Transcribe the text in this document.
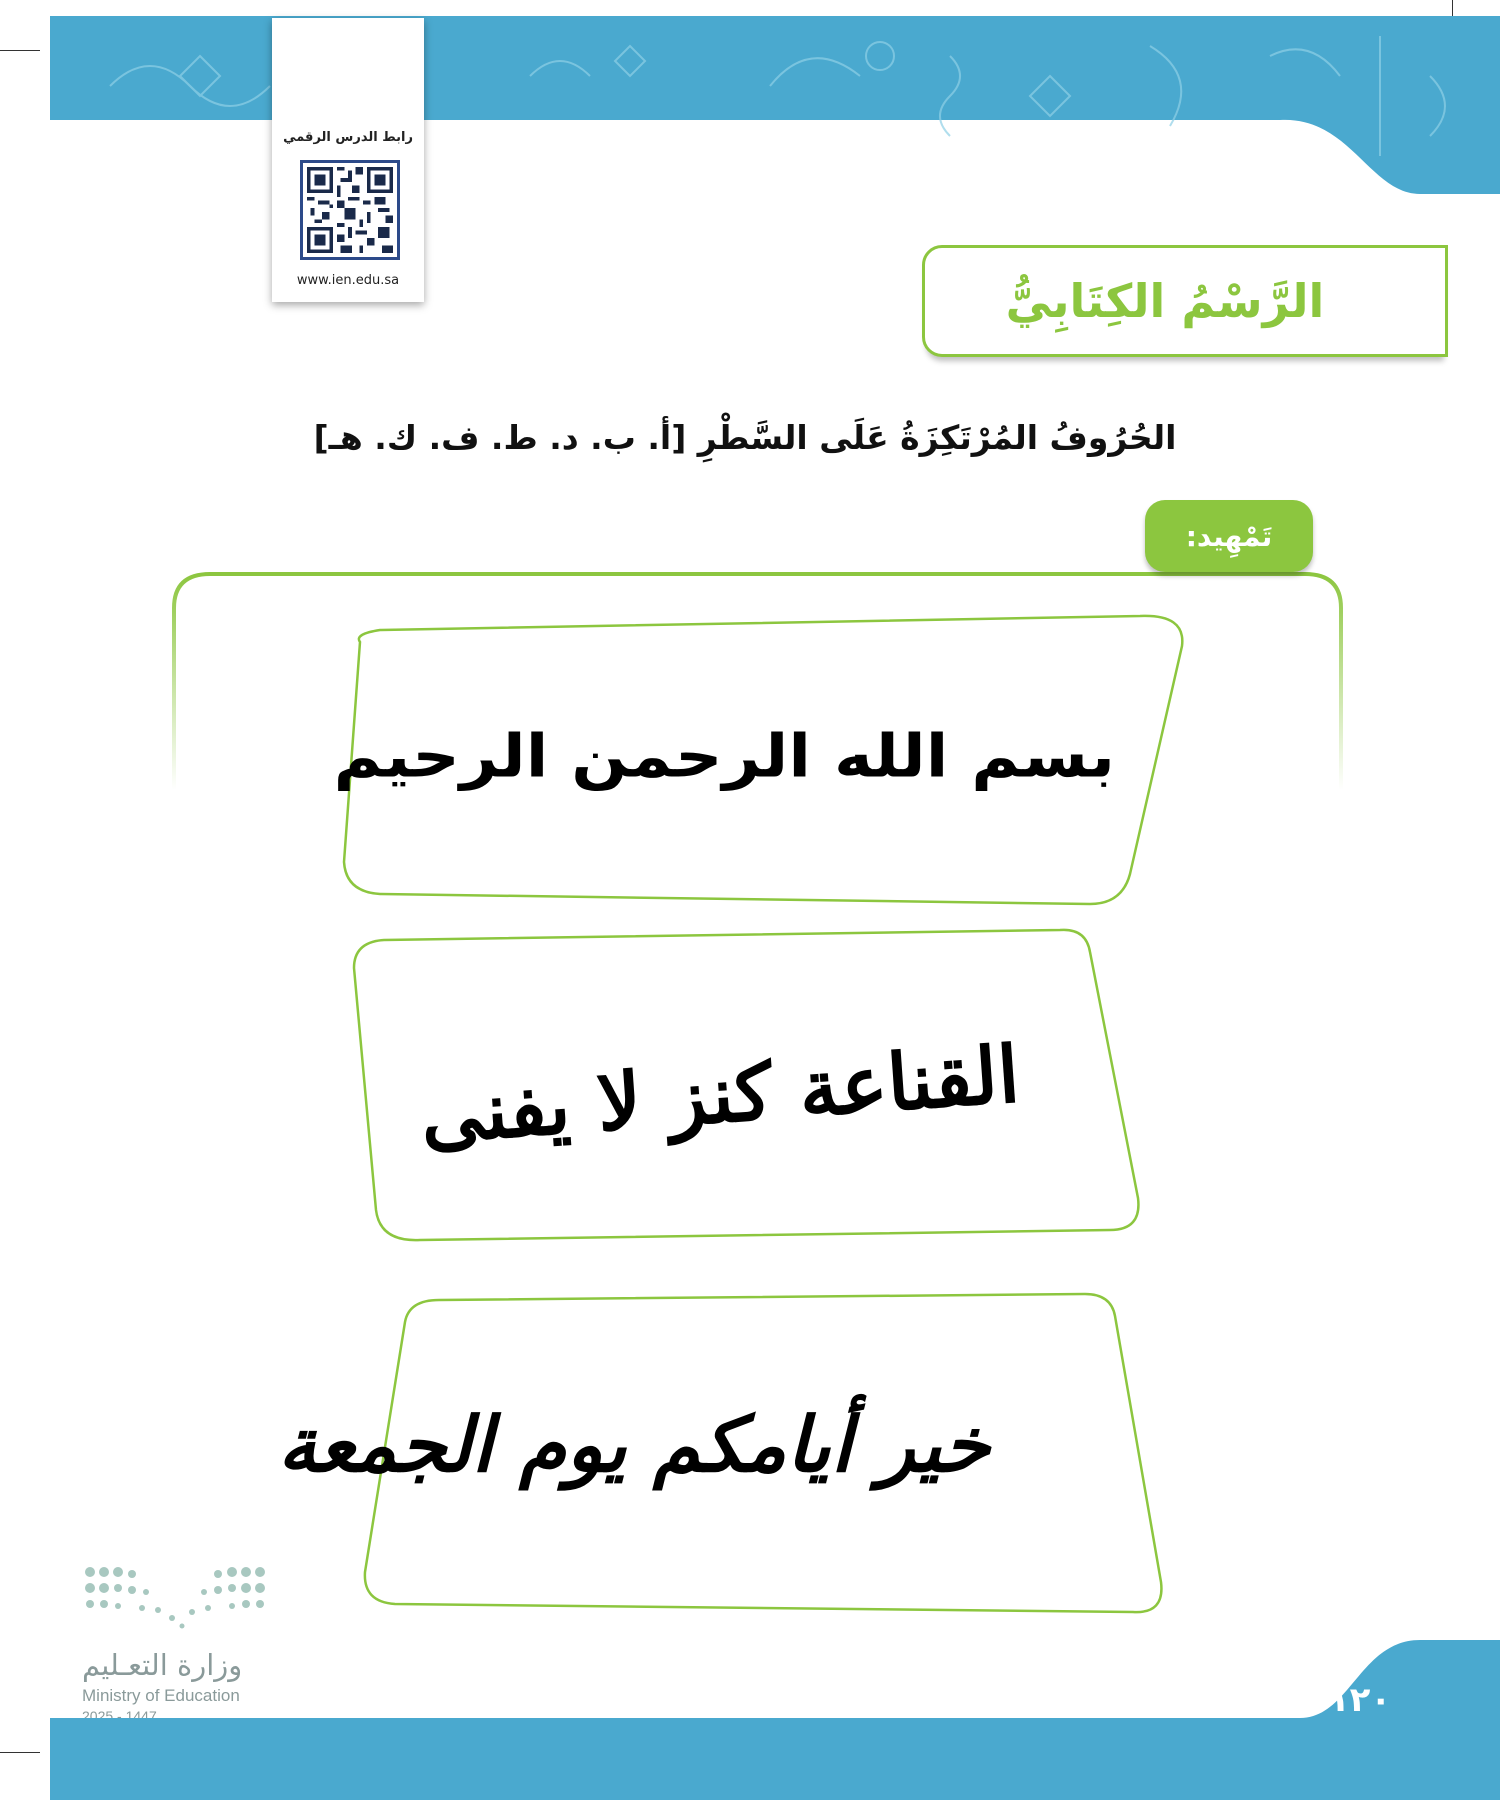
رابط الدرس الرقمي
www.ien.edu.sa	الرَّسْمُ الكِتَابِيُّ
الحُرُوفُ المُرْتَكِزَةُ عَلَى السَّطْرِ [أ. ب. د. ط. ف. ك. هـ]
تَمْهِيد:
بسم الله الرحمن الرحيم
القناعة كنز لا يفنى
خير أيامكم يوم الجمعة
وزارة التعـليم
Ministry of Education
2025 - 1447	١٢٠
